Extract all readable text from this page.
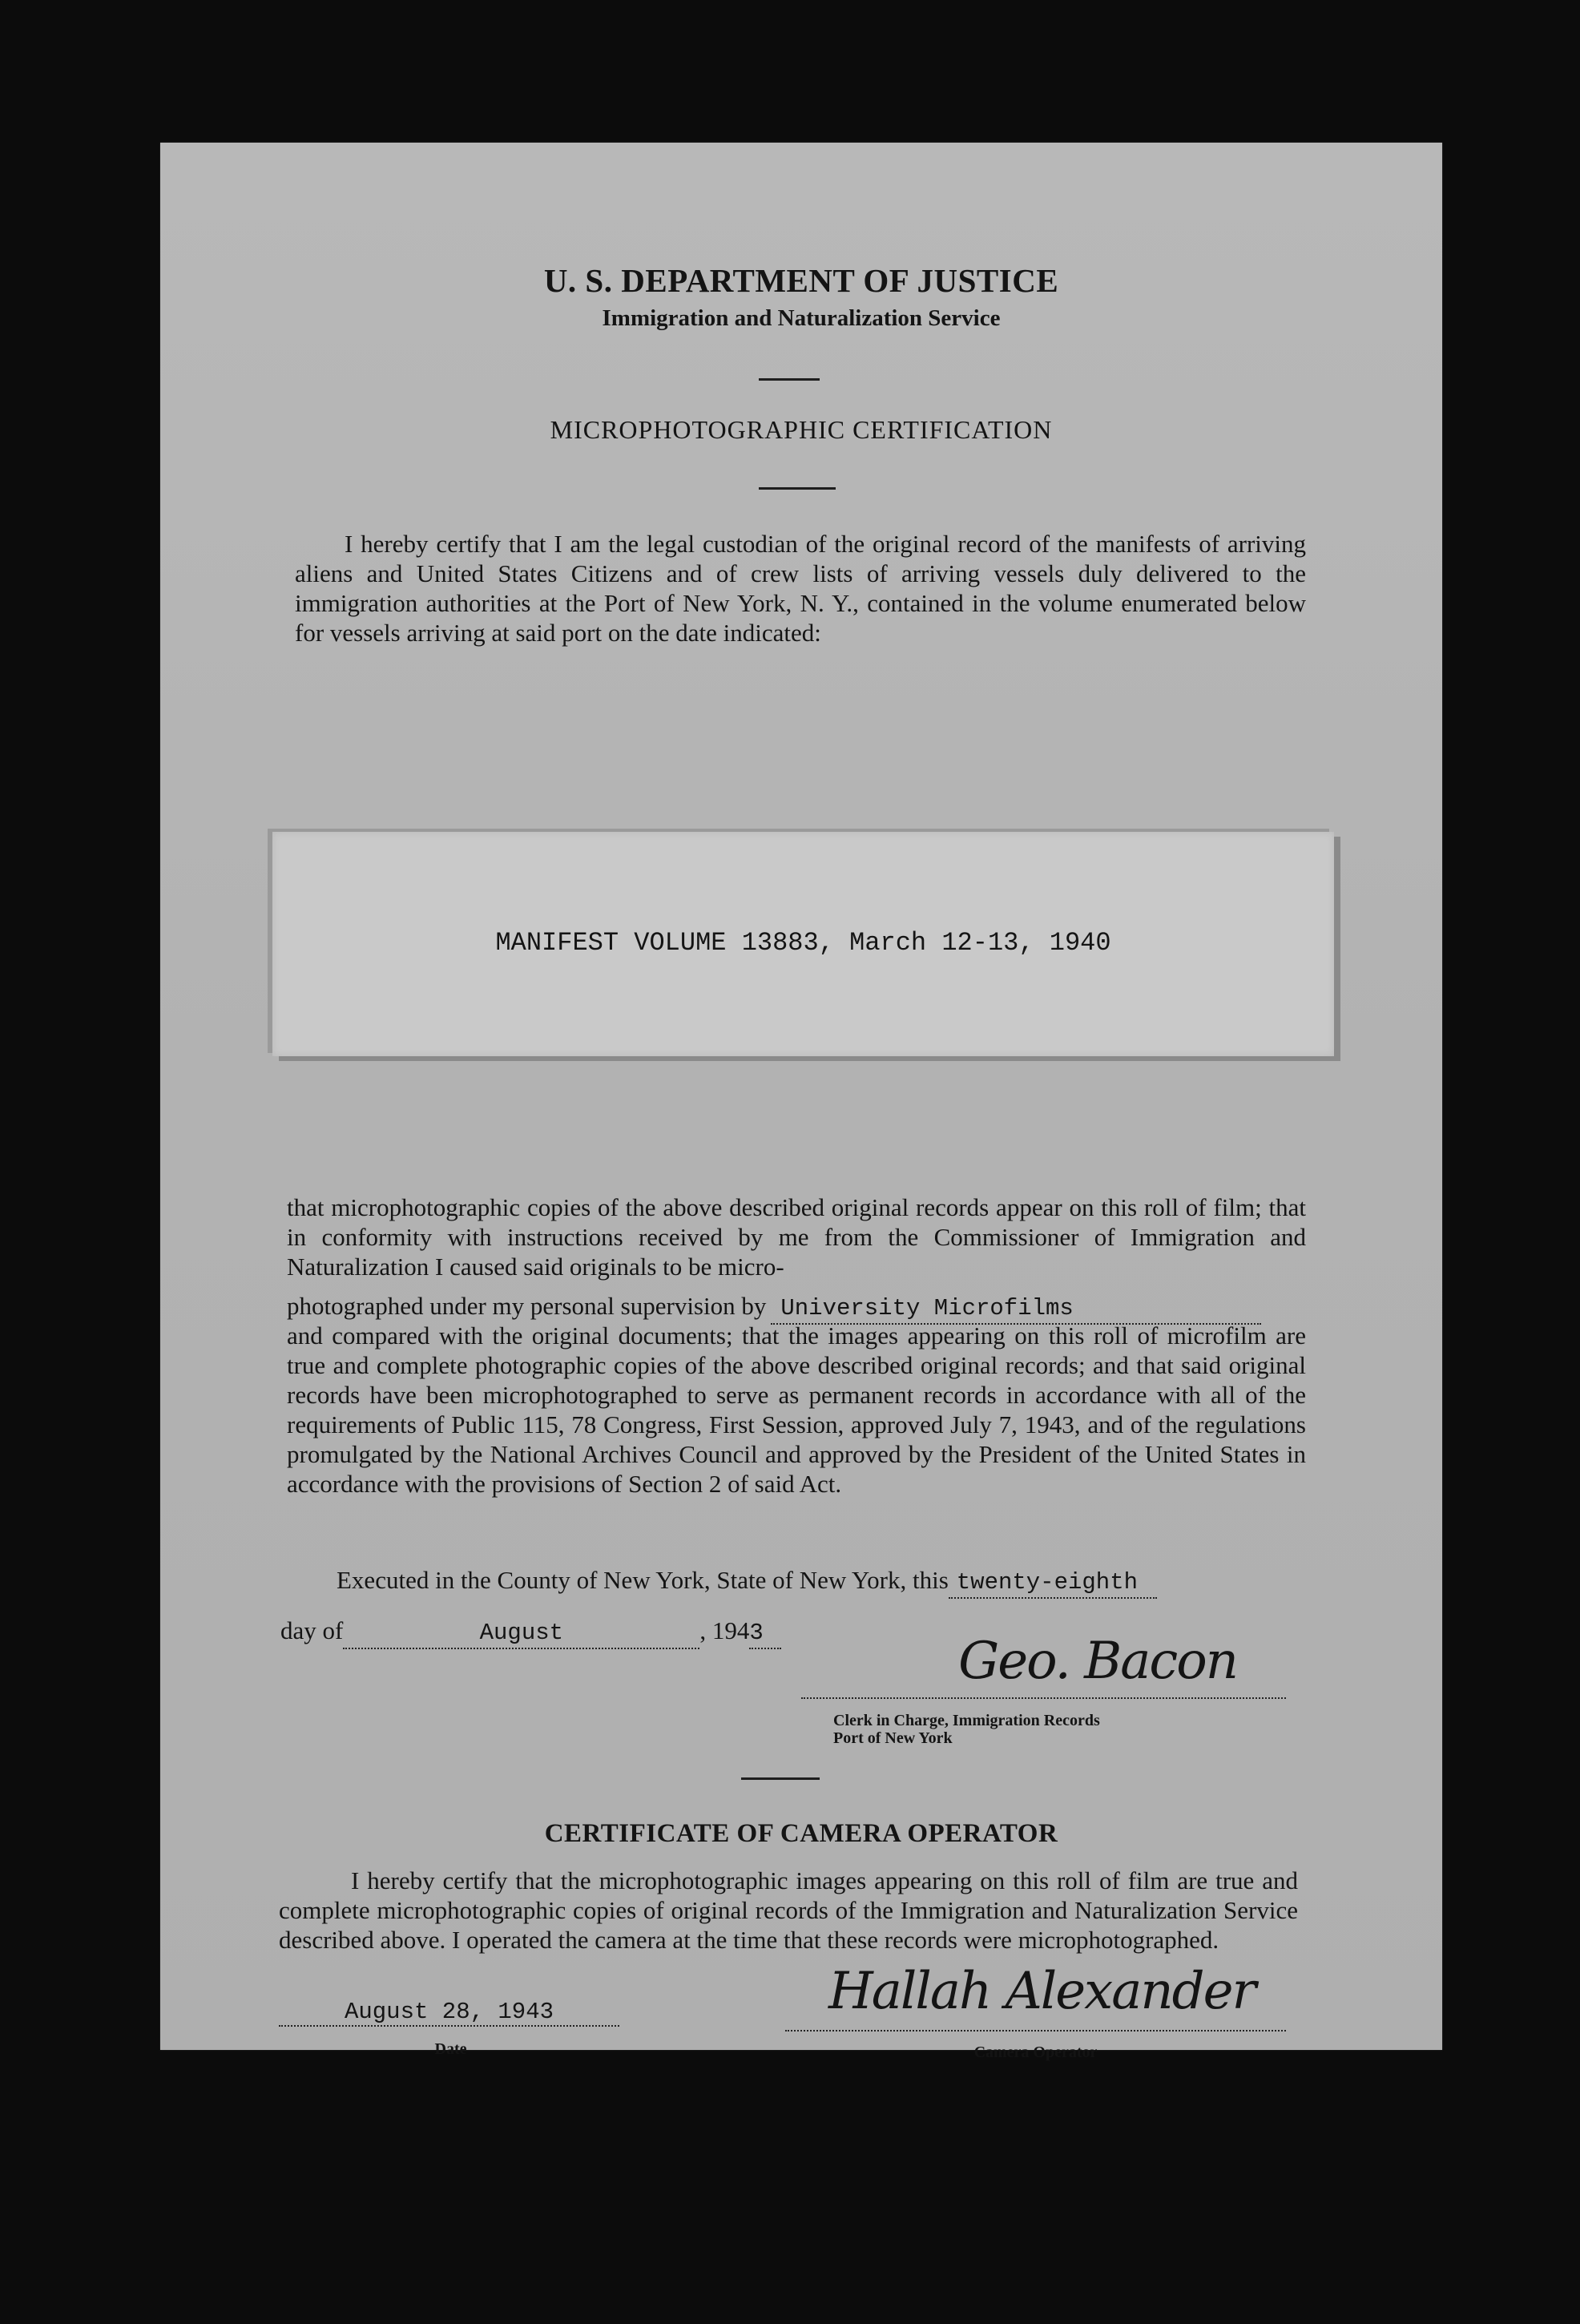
U. S. DEPARTMENT OF JUSTICE
Immigration and Naturalization Service
MICROPHOTOGRAPHIC CERTIFICATION

I hereby certify that I am the legal custodian of the original record of the manifests of arriving aliens and United States Citizens and of crew lists of arriving vessels duly delivered to the immigration authorities at the Port of New York, N. Y., contained in the volume enumerated below for vessels arriving at said port on the date indicated:

MANIFEST VOLUME 13883, March 12-13, 1940

that microphotographic copies of the above described original records appear on this roll of film; that in conformity with instructions received by me from the Commissioner of Immigration and Naturalization I caused said originals to be micro-

photographed under my personal supervision by University Microfilms

and compared with the original documents; that the images appearing on this roll of microfilm are true and complete photographic copies of the above described original records; and that said original records have been microphotographed to serve as permanent records in accordance with all of the requirements of Public 115, 78 Congress, First Session, approved July 7, 1943, and of the regulations promulgated by the National Archives Council and approved by the President of the United States in accordance with the provisions of Section 2 of said Act.

Executed in the County of New York, State of New York, this twenty-eighth
day of	August	, 1943	Geo. Bacon
Clerk in Charge, Immigration Records
Port of New York
CERTIFICATE OF CAMERA OPERATOR

I hereby certify that the microphotographic images appearing on this roll of film are true and complete microphotographic copies of original records of the Immigration and Naturalization Service described above. I operated the camera at the time that these records were microphotographed.

August 28, 1943
Date
Hallah Alexander
Camera Operator
